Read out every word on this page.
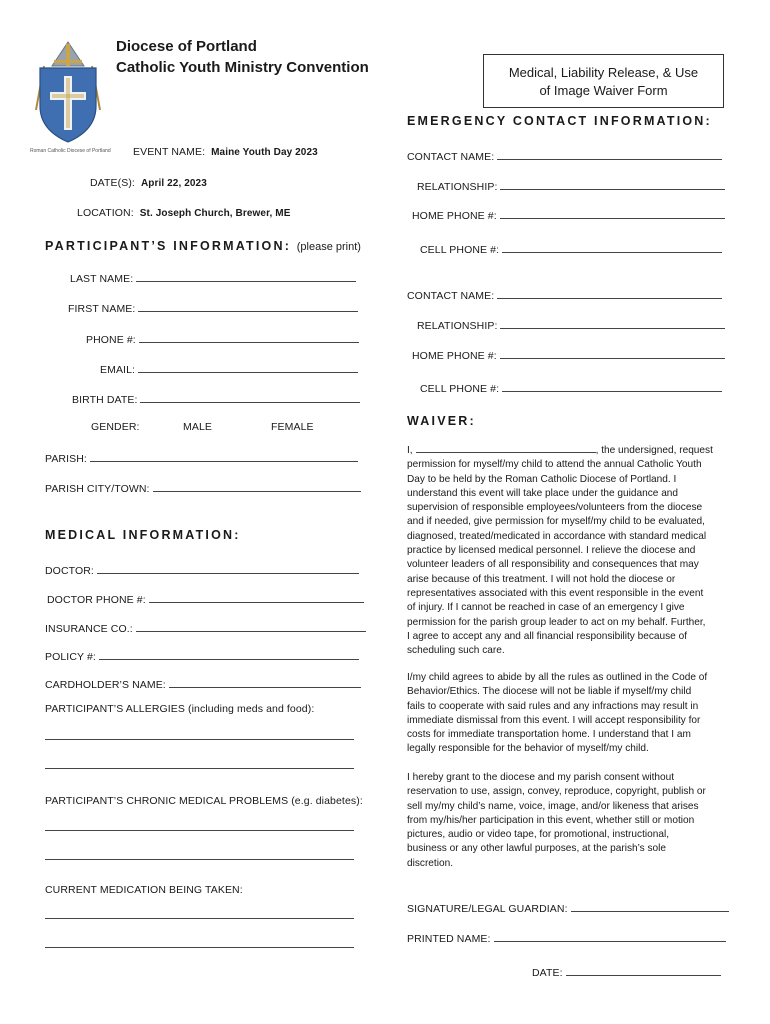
Roman Catholic Diocese of Portland
Diocese of Portland
Catholic Youth Ministry Convention	Medical, Liability Release, & Use
of Image Waiver Form
EVENT NAME: Maine Youth Day 2023
DATE(S): April 22, 2023
LOCATION: St. Joseph Church, Brewer, ME
PARTICIPANT’S INFORMATION: (please print)
LAST NAME:
FIRST NAME:
PHONE #:
EMAIL:
BIRTH DATE:
GENDER:	MALE	FEMALE
PARISH:
PARISH CITY/TOWN:
MEDICAL INFORMATION:
DOCTOR:
DOCTOR PHONE #:
INSURANCE CO.:
POLICY #:
CARDHOLDER’S NAME:
PARTICIPANT’S ALLERGIES (including meds and food):
PARTICIPANT’S CHRONIC MEDICAL PROBLEMS (e.g. diabetes):
CURRENT MEDICATION BEING TAKEN:
EMERGENCY CONTACT INFORMATION:
CONTACT NAME:
RELATIONSHIP:
HOME PHONE #:
CELL PHONE #:
CONTACT NAME:
RELATIONSHIP:
HOME PHONE #:
CELL PHONE #:
WAIVER:
I,	, the undersigned, request
permission for myself/my child to attend the annual Catholic Youth
Day to be held by the Roman Catholic Diocese of Portland. I
understand this event will take place under the guidance and
supervision of responsible employees/volunteers from the diocese
and if needed, give permission for myself/my child to be evaluated,
diagnosed, treated/medicated in accordance with standard medical
practice by licensed medical personnel. I relieve the diocese and
volunteer leaders of all responsibility and consequences that may
arise because of this treatment. I will not hold the diocese or
representatives associated with this event responsible in the event
of injury. If I cannot be reached in case of an emergency I give
permission for the parish group leader to act on my behalf. Further,
I agree to accept any and all financial responsibility because of
scheduling such care.
I/my child agrees to abide by all the rules as outlined in the Code of
Behavior/Ethics. The diocese will not be liable if myself/my child
fails to cooperate with said rules and any infractions may result in
immediate dismissal from this event. I will accept responsibility for
costs for immediate transportation home. I understand that I am
legally responsible for the behavior of myself/my child.
I hereby grant to the diocese and my parish consent without
reservation to use, assign, convey, reproduce, copyright, publish or
sell my/my child’s name, voice, image, and/or likeness that arises
from my/his/her participation in this event, whether still or motion
pictures, audio or video tape, for promotional, instructional,
business or any other lawful purposes, at the parish’s sole
discretion.
SIGNATURE/LEGAL GUARDIAN:
PRINTED NAME:
DATE:
